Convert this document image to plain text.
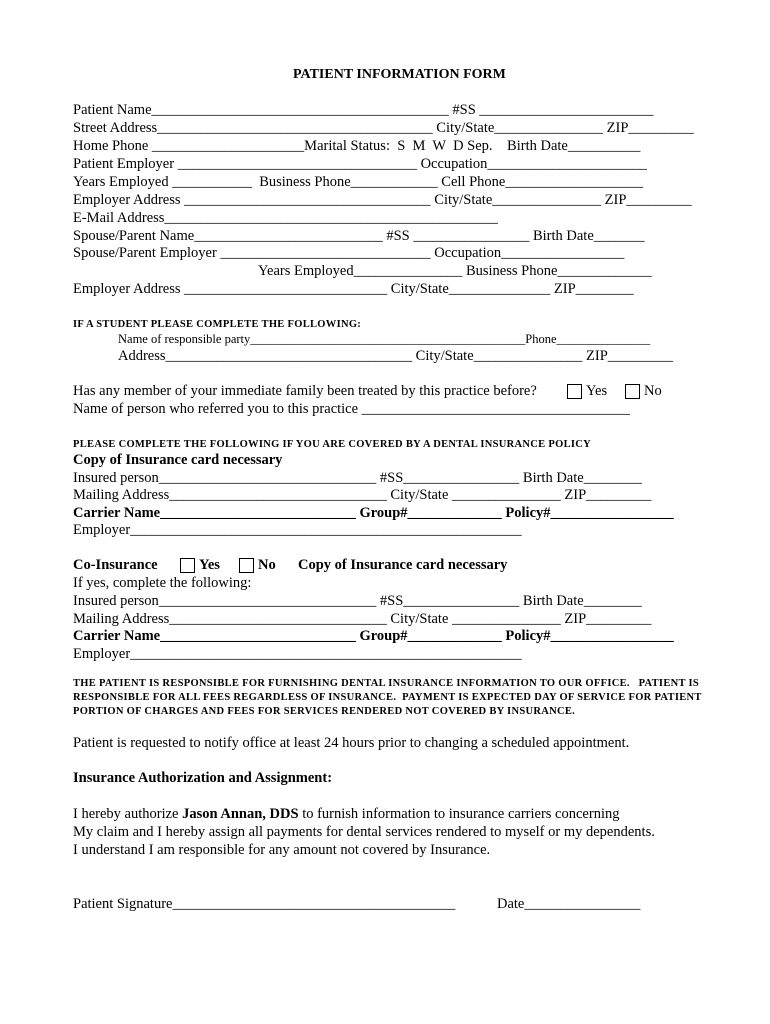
PATIENT INFORMATION FORM
Patient Name_________________________________________ #SS ________________________
Street Address______________________________________ City/State_______________ ZIP_________
Home Phone _____________________Marital Status:  S  M  W  D Sep.    Birth Date__________
Patient Employer _________________________________ Occupation______________________
Years Employed ___________  Business Phone____________ Cell Phone___________________
Employer Address __________________________________ City/State_______________ ZIP_________
E-Mail Address______________________________________________
Spouse/Parent Name__________________________ #SS ________________ Birth Date_______
Spouse/Parent Employer _____________________________ Occupation_________________
Years Employed_______________ Business Phone_____________
Employer Address ____________________________ City/State______________ ZIP________
IF A STUDENT PLEASE COMPLETE THE FOLLOWING:
Name of responsible party____________________________________________Phone_______________
Address__________________________________ City/State_______________ ZIP_________
Has any member of your immediate family been treated by this practice before?	Yes	No
Name of person who referred you to this practice _____________________________________
PLEASE COMPLETE THE FOLLOWING IF YOU ARE COVERED BY A DENTAL INSURANCE POLICY
Copy of Insurance card necessary
Insured person______________________________ #SS________________ Birth Date________
Mailing Address______________________________ City/State _______________ ZIP_________
Carrier Name___________________________ Group#_____________ Policy#_________________
Employer______________________________________________________
Co-Insurance	Yes	No Copy of Insurance card necessary
If yes, complete the following:
Insured person______________________________ #SS________________ Birth Date________
Mailing Address______________________________ City/State _______________ ZIP_________
Carrier Name___________________________ Group#_____________ Policy#_________________
Employer______________________________________________________
THE PATIENT IS RESPONSIBLE FOR FURNISHING DENTAL INSURANCE INFORMATION TO OUR OFFICE.   PATIENT IS
RESPONSIBLE FOR ALL FEES REGARDLESS OF INSURANCE.  PAYMENT IS EXPECTED DAY OF SERVICE FOR PATIENT
PORTION OF CHARGES AND FEES FOR SERVICES RENDERED NOT COVERED BY INSURANCE.
Patient is requested to notify office at least 24 hours prior to changing a scheduled appointment.
Insurance Authorization and Assignment:
I hereby authorize Jason Annan, DDS to furnish information to insurance carriers concerning
My claim and I hereby assign all payments for dental services rendered to myself or my dependents.
I understand I am responsible for any amount not covered by Insurance.
Patient Signature_______________________________________	Date________________
